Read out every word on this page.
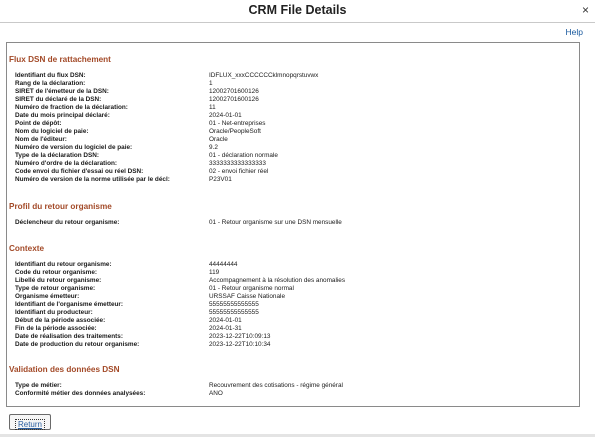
CRM File Details	×
Help
Flux DSN de rattachement
Identifiant du flux DSN:	IDFLUX_xxxCCCCCCklmnopqrstuvwx
Rang de la déclaration:	1
SIRET de l'émetteur de la DSN:	12002701600126
SIRET du déclaré de la DSN:	12002701600126
Numéro de fraction de la déclaration:	11
Date du mois principal déclaré:	2024-01-01
Point de dépôt:	01 - Net-entreprises
Nom du logiciel de paie:	Oracle/PeopleSoft
Nom de l'éditeur:	Oracle
Numéro de version du logiciel de paie:	9.2
Type de la déclaration DSN:	01 - déclaration normale
Numéro d'ordre de la déclaration:	3333333333333333
Code envoi du fichier d'essai ou réel DSN:	02 - envoi fichier réel
Numéro de version de la norme utilisée par le décl:	P23V01
Profil du retour organisme
Déclencheur du retour organisme:	01 - Retour organisme sur une DSN mensuelle
Contexte
Identifiant du retour organisme:	44444444
Code du retour organisme:	119
Libellé du retour organisme:	Accompagnement à la résolution des anomalies
Type de retour organisme:	01 - Retour organisme normal
Organisme émetteur:	URSSAF Caisse Nationale
Identifiant de l'organisme émetteur:	55555555555555
Identifiant du producteur:	55555555555555
Début de la période associée:	2024-01-01
Fin de la période associée:	2024-01-31
Date de réalisation des traitements:	2023-12-22T10:09:13
Date de production du retour organisme:	2023-12-22T10:10:34
Validation des données DSN
Type de métier:	Recouvrement des cotisations - régime général
Conformité métier des données analysées:	ANO
Return
